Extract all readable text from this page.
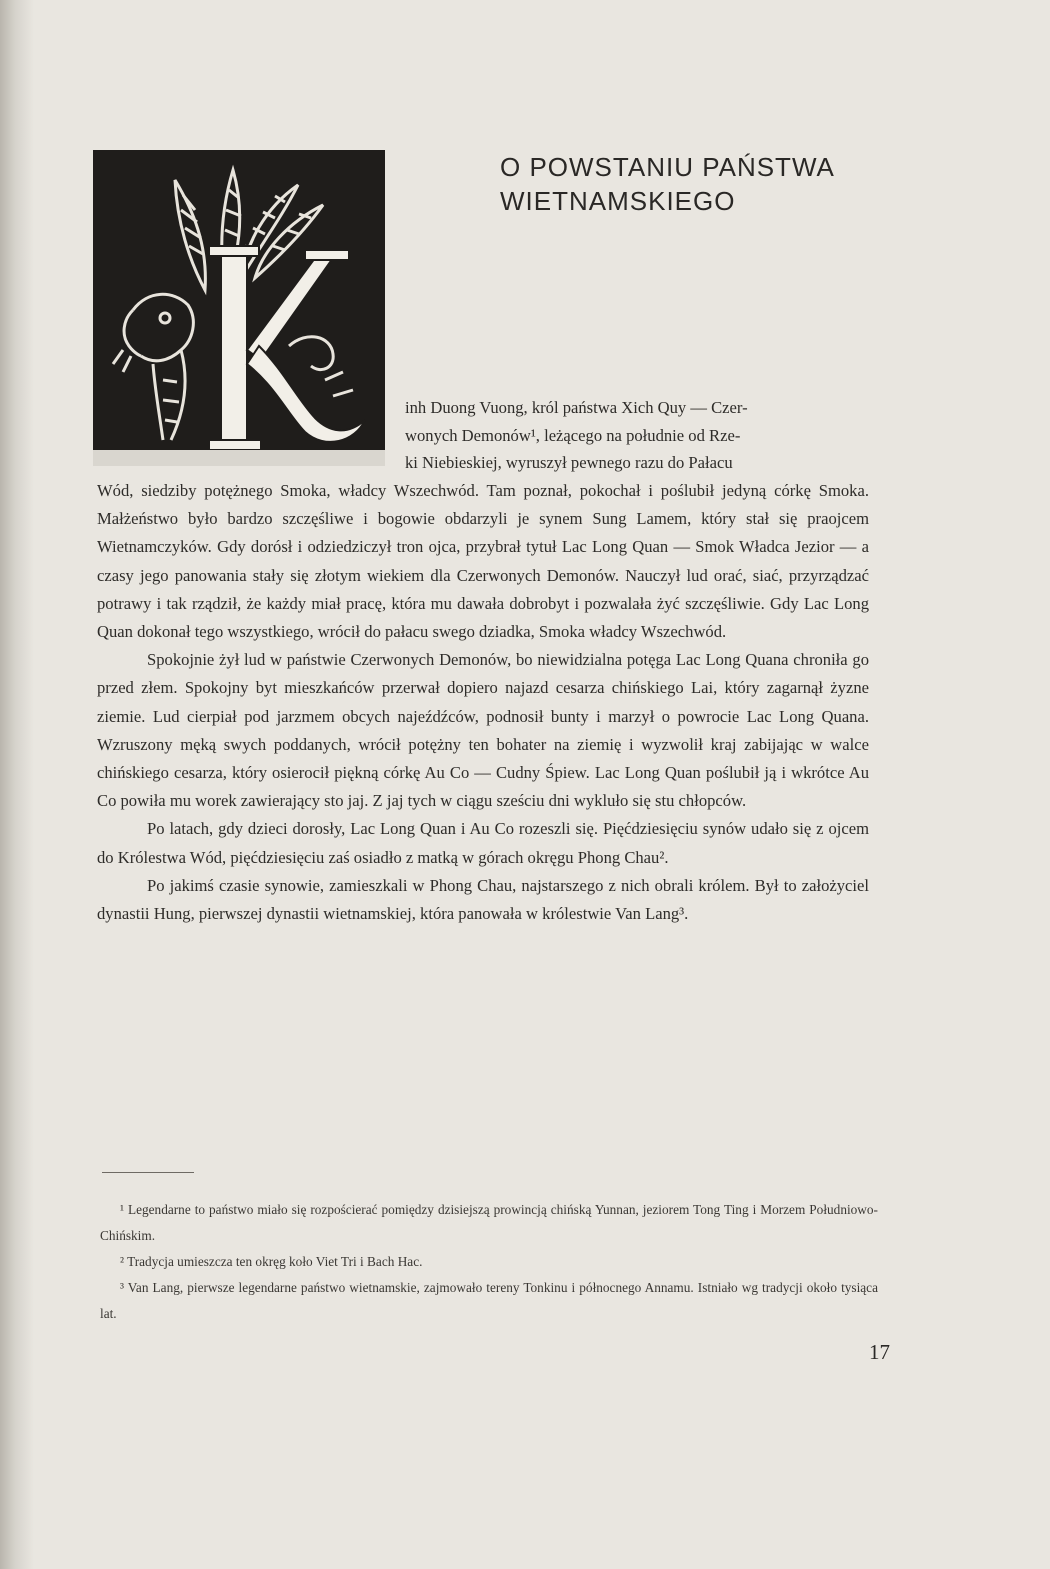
O POWSTANIU PAŃSTWA
WIETNAMSKIEGO

inh Duong Vuong, król państwa Xich Quy — Czer-

wonych Demonów¹, leżącego na południe od Rze-

ki Niebieskiej, wyruszył pewnego razu do Pałacu

Wód, siedziby potężnego Smoka, władcy Wszechwód. Tam poznał, pokochał i poślubił jedyną córkę Smoka. Małżeństwo było bardzo szczęśliwe i bogowie obdarzyli je synem Sung Lamem, który stał się praojcem Wietnamczyków. Gdy dorósł i odziedziczył tron ojca, przybrał tytuł Lac Long Quan — Smok Władca Jezior — a czasy jego panowania stały się złotym wiekiem dla Czerwonych Demonów. Nauczył lud orać, siać, przyrządzać potrawy i tak rządził, że każdy miał pracę, która mu dawała dobrobyt i pozwalała żyć szczęśliwie. Gdy Lac Long Quan dokonał tego wszystkiego, wrócił do pałacu swego dziadka, Smoka władcy Wszechwód.

Spokojnie żył lud w państwie Czerwonych Demonów, bo niewidzialna potęga Lac Long Quana chroniła go przed złem. Spokojny byt mieszkańców przerwał dopiero najazd cesarza chińskiego Lai, który zagarnął żyzne ziemie. Lud cierpiał pod jarzmem obcych najeźdźców, podnosił bunty i marzył o powrocie Lac Long Quana. Wzruszony męką swych poddanych, wrócił potężny ten bohater na ziemię i wyzwolił kraj zabijając w walce chińskiego cesarza, który osierocił piękną córkę Au Co — Cudny Śpiew. Lac Long Quan poślubił ją i wkrótce Au Co powiła mu worek zawierający sto jaj. Z jaj tych w ciągu sześciu dni wykluło się stu chłopców.

Po latach, gdy dzieci dorosły, Lac Long Quan i Au Co rozeszli się. Pięćdziesięciu synów udało się z ojcem do Królestwa Wód, pięćdziesięciu zaś osiadło z matką w górach okręgu Phong Chau².

Po jakimś czasie synowie, zamieszkali w Phong Chau, najstarszego z nich obrali królem. Był to założyciel dynastii Hung, pierwszej dynastii wietnamskiej, która panowała w królestwie Van Lang³.

¹ Legendarne to państwo miało się rozpościerać pomiędzy dzisiejszą prowincją chińską Yunnan, jeziorem Tong Ting i Morzem Południowo-Chińskim.

² Tradycja umieszcza ten okręg koło Viet Tri i Bach Hac.

³ Van Lang, pierwsze legendarne państwo wietnamskie, zajmowało tereny Tonkinu i północnego Annamu. Istniało wg tradycji około tysiąca lat.

17
